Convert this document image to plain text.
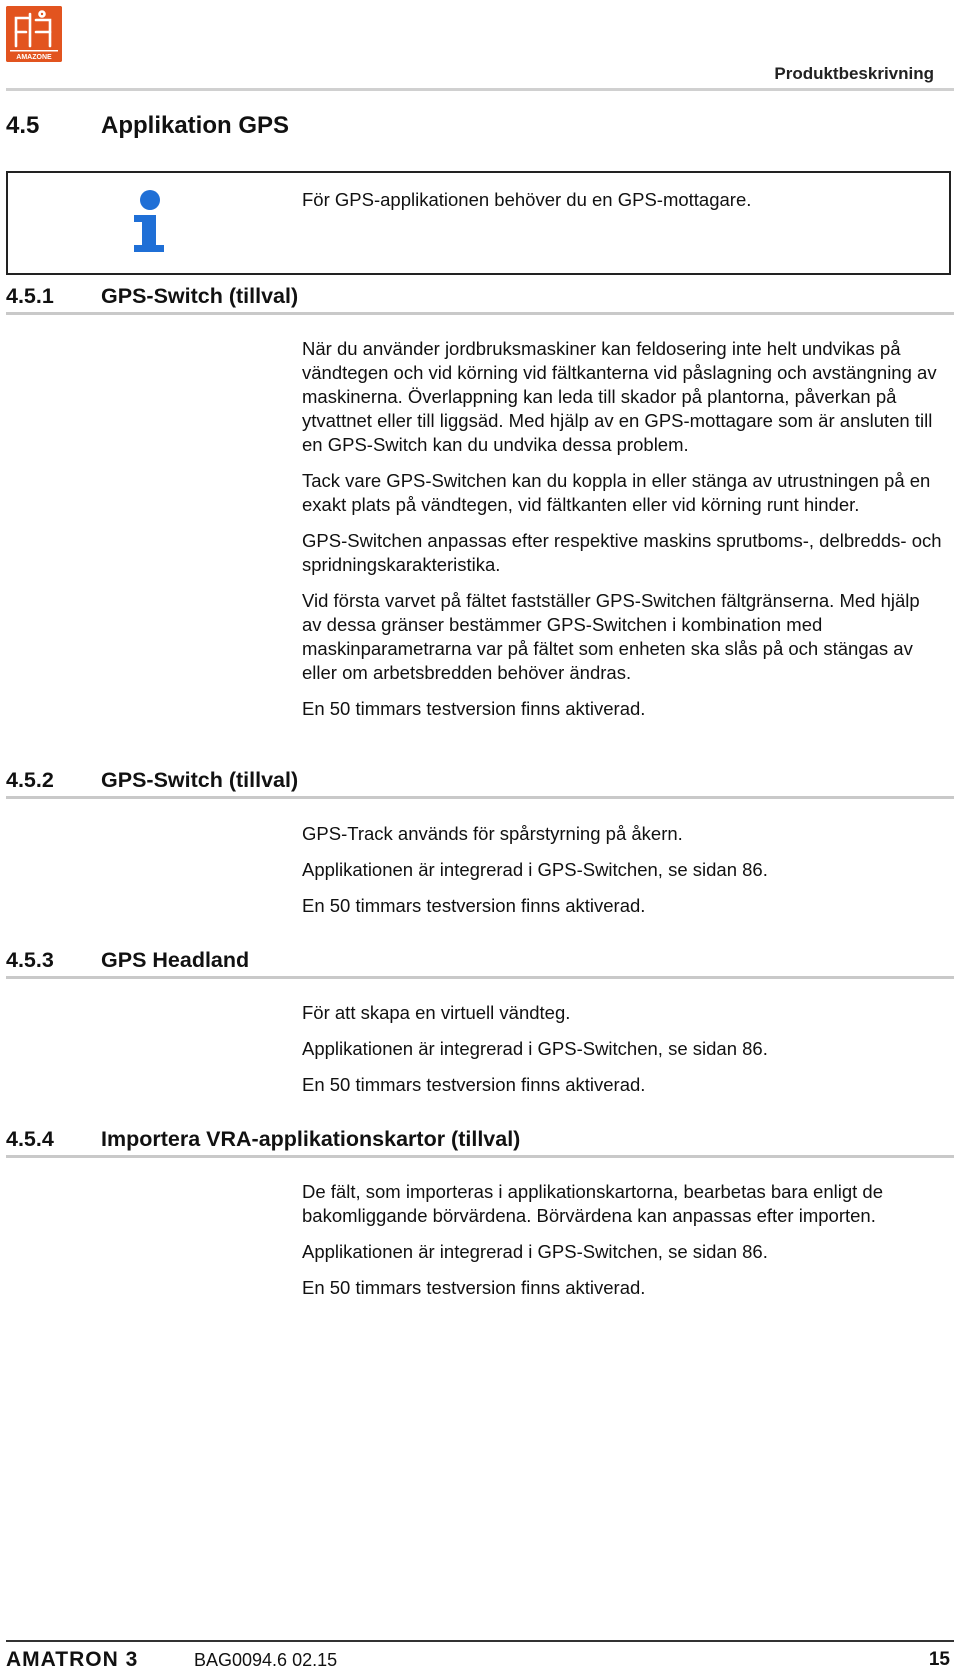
AMAZONE
Produktbeskrivning
4.5	Applikation GPS
För GPS-applikationen behöver du en GPS-mottagare.
4.5.1 GPS-Switch (tillval)

När du använder jordbruksmaskiner kan feldosering inte helt undvikas på vändtegen och vid körning vid fältkanterna vid påslagning och avstängning av maskinerna. Överlappning kan leda till skador på plantorna, påverkan på ytvattnet eller till liggsäd. Med hjälp av en GPS-mottagare som är ansluten till en GPS-Switch kan du undvika dessa problem.

Tack vare GPS-Switchen kan du koppla in eller stänga av utrustningen på en exakt plats på vändtegen, vid fältkanten eller vid körning runt hinder.

GPS-Switchen anpassas efter respektive maskins sprutboms-, delbredds- och spridningskarakteristika.

Vid första varvet på fältet fastställer GPS-Switchen fältgränserna. Med hjälp av dessa gränser bestämmer GPS-Switchen i kombination med maskinparametrarna var på fältet som enheten ska slås på och stängas av eller om arbetsbredden behöver ändras.

En 50 timmars testversion finns aktiverad.

4.5.2 GPS-Switch (tillval)

GPS-Track används för spårstyrning på åkern.

Applikationen är integrerad i GPS-Switchen, se sidan 86.

En 50 timmars testversion finns aktiverad.

4.5.3 GPS Headland

För att skapa en virtuell vändteg.

Applikationen är integrerad i GPS-Switchen, se sidan 86.

En 50 timmars testversion finns aktiverad.

4.5.4 Importera VRA-applikationskartor (tillval)

De fält, som importeras i applikationskartorna, bearbetas bara enligt de bakomliggande börvärdena. Börvärdena kan anpassas efter importen.

Applikationen är integrerad i GPS-Switchen, se sidan 86.

En 50 timmars testversion finns aktiverad.

AMATRON 3	BAG0094.6 02.15	15
